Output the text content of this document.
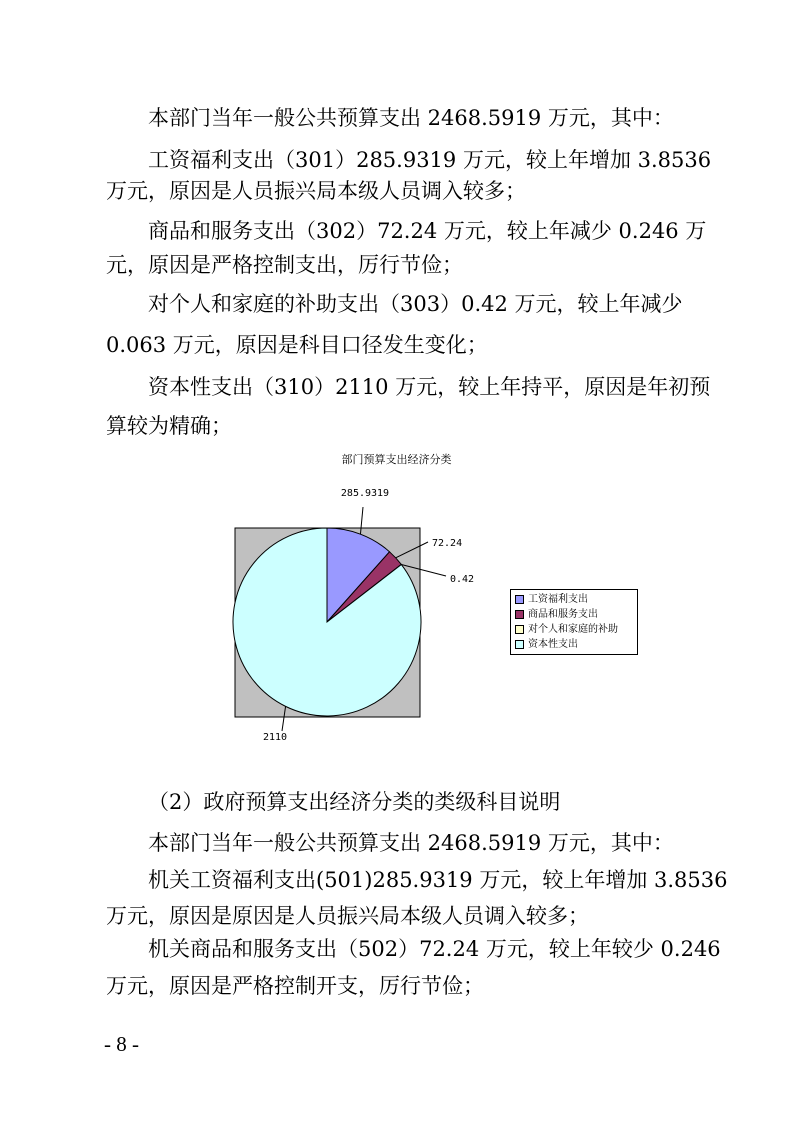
本部门当年一般公共预算支出 2468.5919 万元，其中：
工资福利支出（301）285.9319 万元，较上年增加 3.8536
万元，原因是人员振兴局本级人员调入较多；
商品和服务支出（302）72.24 万元，较上年减少 0.246 万
元，原因是严格控制支出，厉行节俭；
对个人和家庭的补助支出（303）0.42 万元，较上年减少
0.063 万元，原因是科目口径发生变化；
资本性支出（310）2110 万元，较上年持平，原因是年初预
算较为精确；
部门预算支出经济分类
285.9319
72.24
0.42
2110
工资福利支出
商品和服务支出
对个人和家庭的补助
资本性支出
（2）政府预算支出经济分类的类级科目说明
本部门当年一般公共预算支出 2468.5919 万元，其中：
机关工资福利支出(501)285.9319 万元，较上年增加 3.8536
万元，原因是原因是人员振兴局本级人员调入较多；
机关商品和服务支出（502）72.24 万元，较上年较少 0.246
万元，原因是严格控制开支，厉行节俭；
- 8 -
